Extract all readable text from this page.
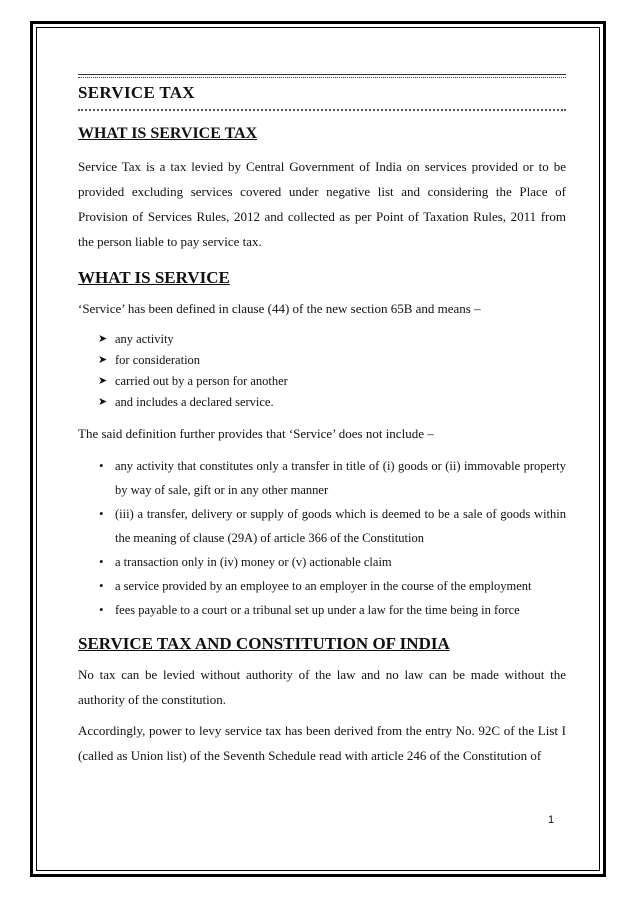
SERVICE TAX
WHAT IS SERVICE TAX

Service Tax is a tax levied by Central Government of India on services provided or to be provided excluding services covered under negative list and considering the Place of Provision of Services Rules, 2012 and collected as per Point of Taxation Rules, 2011 from the person liable to pay service tax.

WHAT IS SERVICE

‘Service’ has been defined in clause (44) of the new section 65B and means –

➤ any activity
➤ for consideration
➤ carried out by a person for another
➤ and includes a declared service.

The said definition further provides that ‘Service’ does not include –

• any activity that constitutes only a transfer in title of (i) goods or (ii) immovable property by way of sale, gift or in any other manner
• (iii) a transfer, delivery or supply of goods which is deemed to be a sale of goods within the meaning of clause (29A) of article 366 of the Constitution
• a transaction only in (iv) money or (v) actionable claim
• a service provided by an employee to an employer in the course of the employment
• fees payable to a court or a tribunal set up under a law for the time being in force
SERVICE TAX AND CONSTITUTION OF INDIA

No tax can be levied without authority of the law and no law can be made without the authority of the constitution.

Accordingly, power to levy service tax has been derived from the entry No. 92C of the List I (called as Union list) of the Seventh Schedule read with article 246 of the Constitution of

1
